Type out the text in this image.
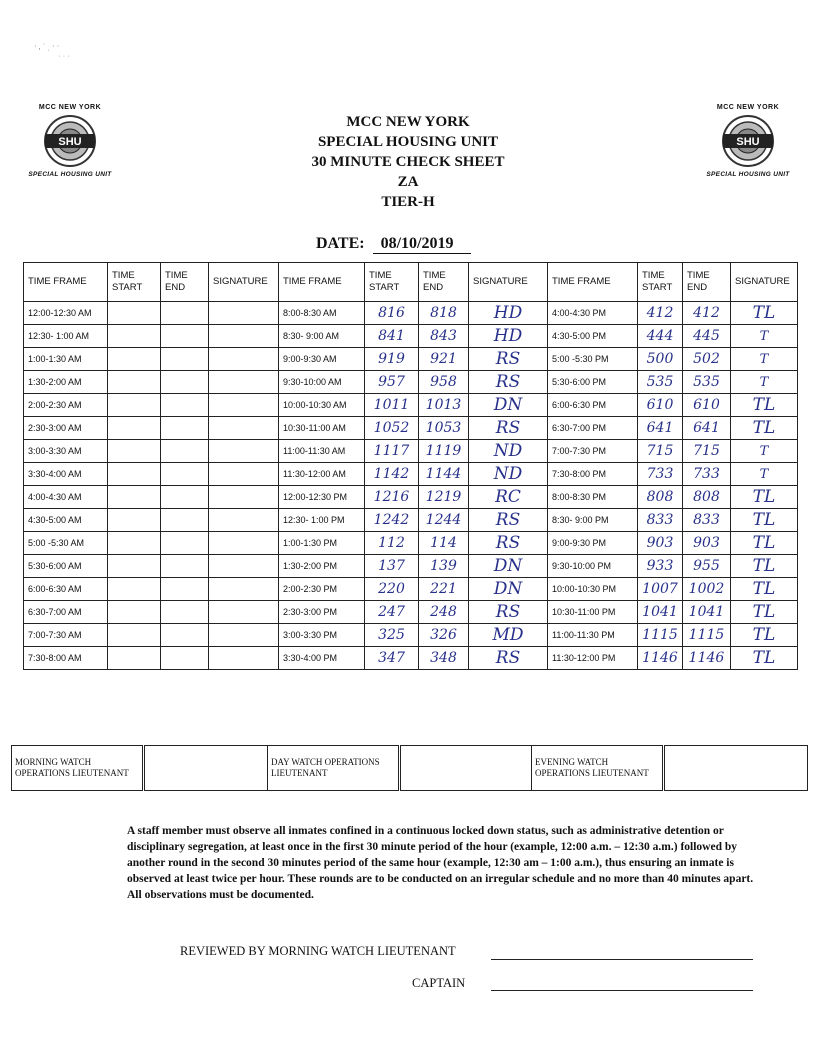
· , ˈ ˌ · ·
˙ ˙ ˙
MCC NEW YORK
SHU
SPECIAL HOUSING UNIT
MCC NEW YORK
SHU
SPECIAL HOUSING UNIT
MCC NEW YORK
SPECIAL HOUSING UNIT
30 MINUTE CHECK SHEET
ZA
TIER-H
DATE: 08/10/2019
TIME FRAME	TIME START	TIME END	SIGNATURE	TIME FRAME	TIME START	TIME END	SIGNATURE	TIME FRAME	TIME START	TIME END	SIGNATURE
12:00-12:30 AM				8:00-8:30 AM	816	818	HD	4:00-4:30 PM	412	412	TL
12:30- 1:00 AM				8:30- 9:00 AM	841	843	HD	4:30-5:00 PM	444	445	T
1:00-1:30 AM				9:00-9:30 AM	919	921	RS	5:00 -5:30 PM	500	502	T
1:30-2:00 AM				9:30-10:00 AM	957	958	RS	5:30-6:00 PM	535	535	T
2:00-2:30 AM				10:00-10:30 AM	1011	1013	DN	6:00-6:30 PM	610	610	TL
2:30-3:00 AM				10:30-11:00 AM	1052	1053	RS	6:30-7:00 PM	641	641	TL
3:00-3:30 AM				11:00-11:30 AM	1117	1119	ND	7:00-7:30 PM	715	715	T
3:30-4:00 AM				11:30-12:00 AM	1142	1144	ND	7:30-8:00 PM	733	733	T
4:00-4:30 AM				12:00-12:30 PM	1216	1219	RC	8:00-8:30 PM	808	808	TL
4:30-5:00 AM				12:30- 1:00 PM	1242	1244	RS	8:30- 9:00 PM	833	833	TL
5:00 -5:30 AM				1:00-1:30 PM	112	114	RS	9:00-9:30 PM	903	903	TL
5:30-6:00 AM				1:30-2:00 PM	137	139	DN	9:30-10:00 PM	933	955	TL
6:00-6:30 AM				2:00-2:30 PM	220	221	DN	10:00-10:30 PM	1007	1002	TL
6:30-7:00 AM				2:30-3:00 PM	247	248	RS	10:30-11:00 PM	1041	1041	TL
7:00-7:30 AM				3:00-3:30 PM	325	326	MD	11:00-11:30 PM	1115	1115	TL
7:30-8:00 AM				3:30-4:00 PM	347	348	RS	11:30-12:00 PM	1146	1146	TL
MORNING WATCH OPERATIONS LIEUTENANT		DAY WATCH OPERATIONS LIEUTENANT		EVENING WATCH OPERATIONS LIEUTENANT	
A staff member must observe all inmates confined in a continuous locked down status, such as administrative detention or disciplinary segregation, at least once in the first 30 minute period of the hour (example, 12:00 a.m. – 12:30 a.m.) followed by another round in the second 30 minutes period of the same hour (example, 12:30 am – 1:00 a.m.), thus ensuring an inmate is observed at least twice per hour. These rounds are to be conducted on an irregular schedule and no more than 40 minutes apart. All observations must be documented.
REVIEWED BY MORNING WATCH LIEUTENANT
CAPTAIN
